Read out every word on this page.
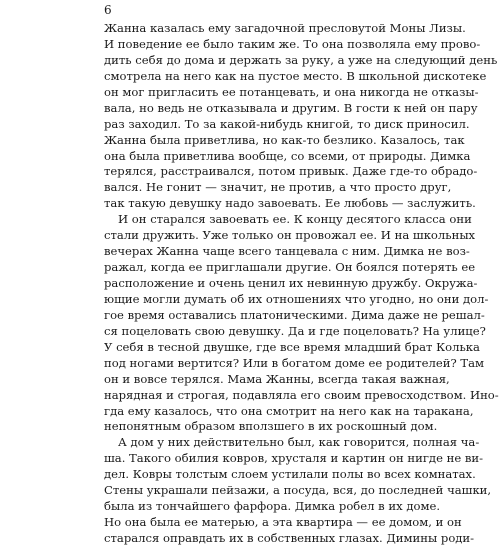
6
Жанна казалась ему загадочной пресловутой Моны Лизы.
И поведение ее было таким же. То она позволяла ему прово-
дить себя до дома и держать за руку, а уже на следующий день
смотрела на него как на пустое место. В школьной дискотеке
он мог пригласить ее потанцевать, и она никогда не отказы-
вала, но ведь не отказывала и другим. В гости к ней он пару
раз заходил. То за какой-нибудь книгой, то диск приносил.
Жанна была приветлива, но как-то безлико. Казалось, так
она была приветлива вообще, со всеми, от природы. Димка
терялся, расстраивался, потом привык. Даже где-то обрадо-
вался. Не гонит — значит, не против, а что просто друг,
так такую девушку надо завоевать. Ее любовь — заслужить.
И он старался завоевать ее. К концу десятого класса они
стали дружить. Уже только он провожал ее. И на школьных
вечерах Жанна чаще всего танцевала с ним. Димка не воз-
ражал, когда ее приглашали другие. Он боялся потерять ее
расположение и очень ценил их невинную дружбу. Окружа-
ющие могли думать об их отношениях что угодно, но они дол-
гое время оставались платоническими. Дима даже не решал-
ся поцеловать свою девушку. Да и где поцеловать? На улице?
У себя в тесной двушке, где все время младший брат Колька
под ногами вертится? Или в богатом доме ее родителей? Там
он и вовсе терялся. Мама Жанны, всегда такая важная,
нарядная и строгая, подавляла его своим превосходством. Ино-
гда ему казалось, что она смотрит на него как на таракана,
непонятным образом вползшего в их роскошный дом.
А дом у них действительно был, как говорится, полная ча-
ша. Такого обилия ковров, хрусталя и картин он нигде не ви-
дел. Ковры толстым слоем устилали полы во всех комнатах.
Стены украшали пейзажи, а посуда, вся, до последней чашки,
была из тончайшего фарфора. Димка робел в их доме.
Но она была ее матерью, а эта квартира — ее домом, и он
старался оправдать их в собственных глазах. Димины роди-
